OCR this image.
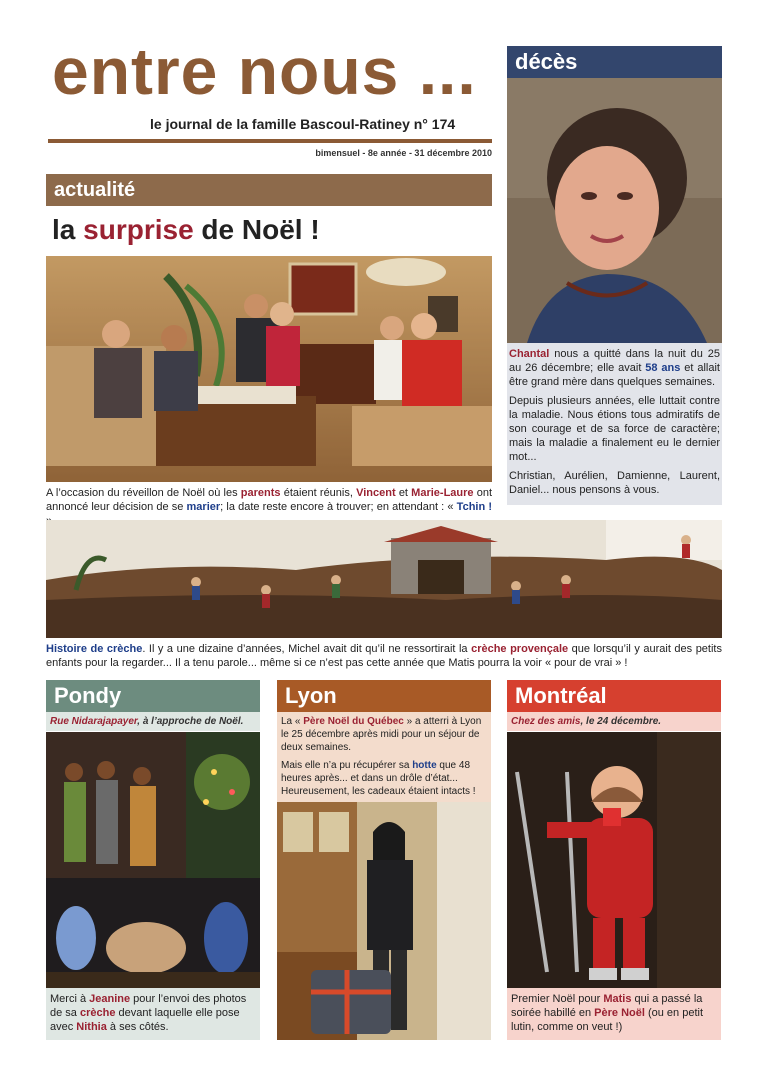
entre nous ...
le journal de la famille Bascoul-Ratiney n° 174
bimensuel - 8e année - 31 décembre 2010
actualité
la surprise de Noël !
A l’occasion du réveillon de Noël où les parents étaient réunis, Vincent et Marie-Laure ont annoncé leur décision de se marier; la date reste encore à trouver; en attendant : « Tchin !
décès

Chantal nous a quitté dans la nuit du 25 au 26 décembre; elle avait 58 ans et allait être grand mère dans quelques semaines.

Depuis plusieurs années, elle luttait contre la maladie. Nous étions tous admiratifs de son courage et de sa force de caractère; mais la maladie a finalement eu le dernier mot...

Christian, Aurélien, Damienne, Laurent, Daniel... nous pensons à vous.

Histoire de crèche. Il y a une dizaine d’années, Michel avait dit qu’il ne ressortirait la crèche provençale que lorsqu’il y aurait des petits enfants pour la regarder... Il a tenu parole... même si ce n’est pas cette année que Matis pourra la voir « pour de vrai » !
Pondy
Rue Nidarajapayer, à l’approche de Noël.
Merci à Jeanine pour l’envoi des photos de sa crèche devant laquelle elle pose avec Nithia à ses côtés.
Lyon
La « Père Noël du Québec » a atterri à Lyon le 25 décembre après midi pour un séjour de deux semaines.
Mais elle n’a pu récupérer sa hotte que 48 heures après... et dans un drôle d’état... Heureusement, les cadeaux étaient intacts !
Montréal
Chez des amis, le 24 décembre.
Premier Noël pour Matis qui a passé la soirée habillé en Père Noël (ou en petit lutin, comme on veut !)
